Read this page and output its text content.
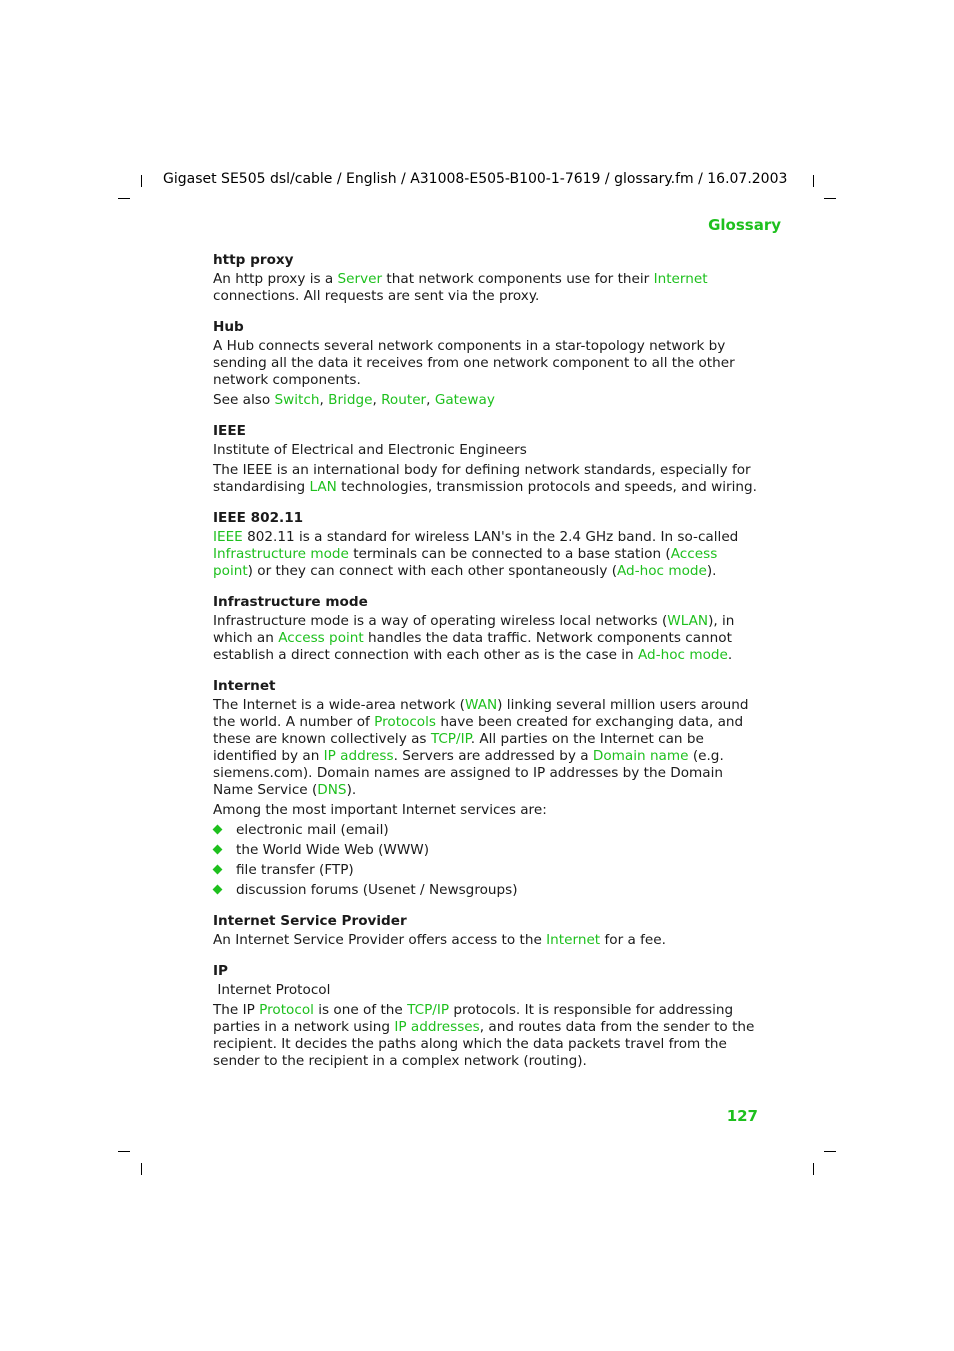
Gigaset SE505 dsl/cable / English / A31008-E505-B100-1-7619 / glossary.fm / 16.07.2003
Glossary
http proxy

An http proxy is a Server that network components use for their Internet connections. All requests are sent via the proxy.

Hub

A Hub connects several network components in a star-topology network by sending all the data it receives from one network component to all the other network components.

See also Switch, Bridge, Router, Gateway

IEEE

Institute of Electrical and Electronic Engineers

The IEEE is an international body for defining network standards, especially for standardising LAN technologies, transmission protocols and speeds, and wiring.

IEEE 802.11

IEEE 802.11 is a standard for wireless LAN's in the 2.4 GHz band. In so-called Infrastructure mode terminals can be connected to a base station (Access point) or they can connect with each other spontaneously (Ad-hoc mode).

Infrastructure mode

Infrastructure mode is a way of operating wireless local networks (WLAN), in which an Access point handles the data traffic. Network components cannot establish a direct connection with each other as is the case in Ad-hoc mode.

Internet

The Internet is a wide-area network (WAN) linking several million users around the world. A number of Protocols have been created for exchanging data, and these are known collectively as TCP/IP. All parties on the Internet can be identified by an IP address. Servers are addressed by a Domain name (e.g. siemens.com). Domain names are assigned to IP addresses by the Domain Name Service (DNS).

Among the most important Internet services are:

electronic mail (email)
the World Wide Web (WWW)
file transfer (FTP)
discussion forums (Usenet / Newsgroups)
Internet Service Provider

An Internet Service Provider offers access to the Internet for a fee.

IP

Internet Protocol

The IP Protocol is one of the TCP/IP protocols. It is responsible for addressing parties in a network using IP addresses, and routes data from the sender to the recipient. It decides the paths along which the data packets travel from the sender to the recipient in a complex network (routing).

127
